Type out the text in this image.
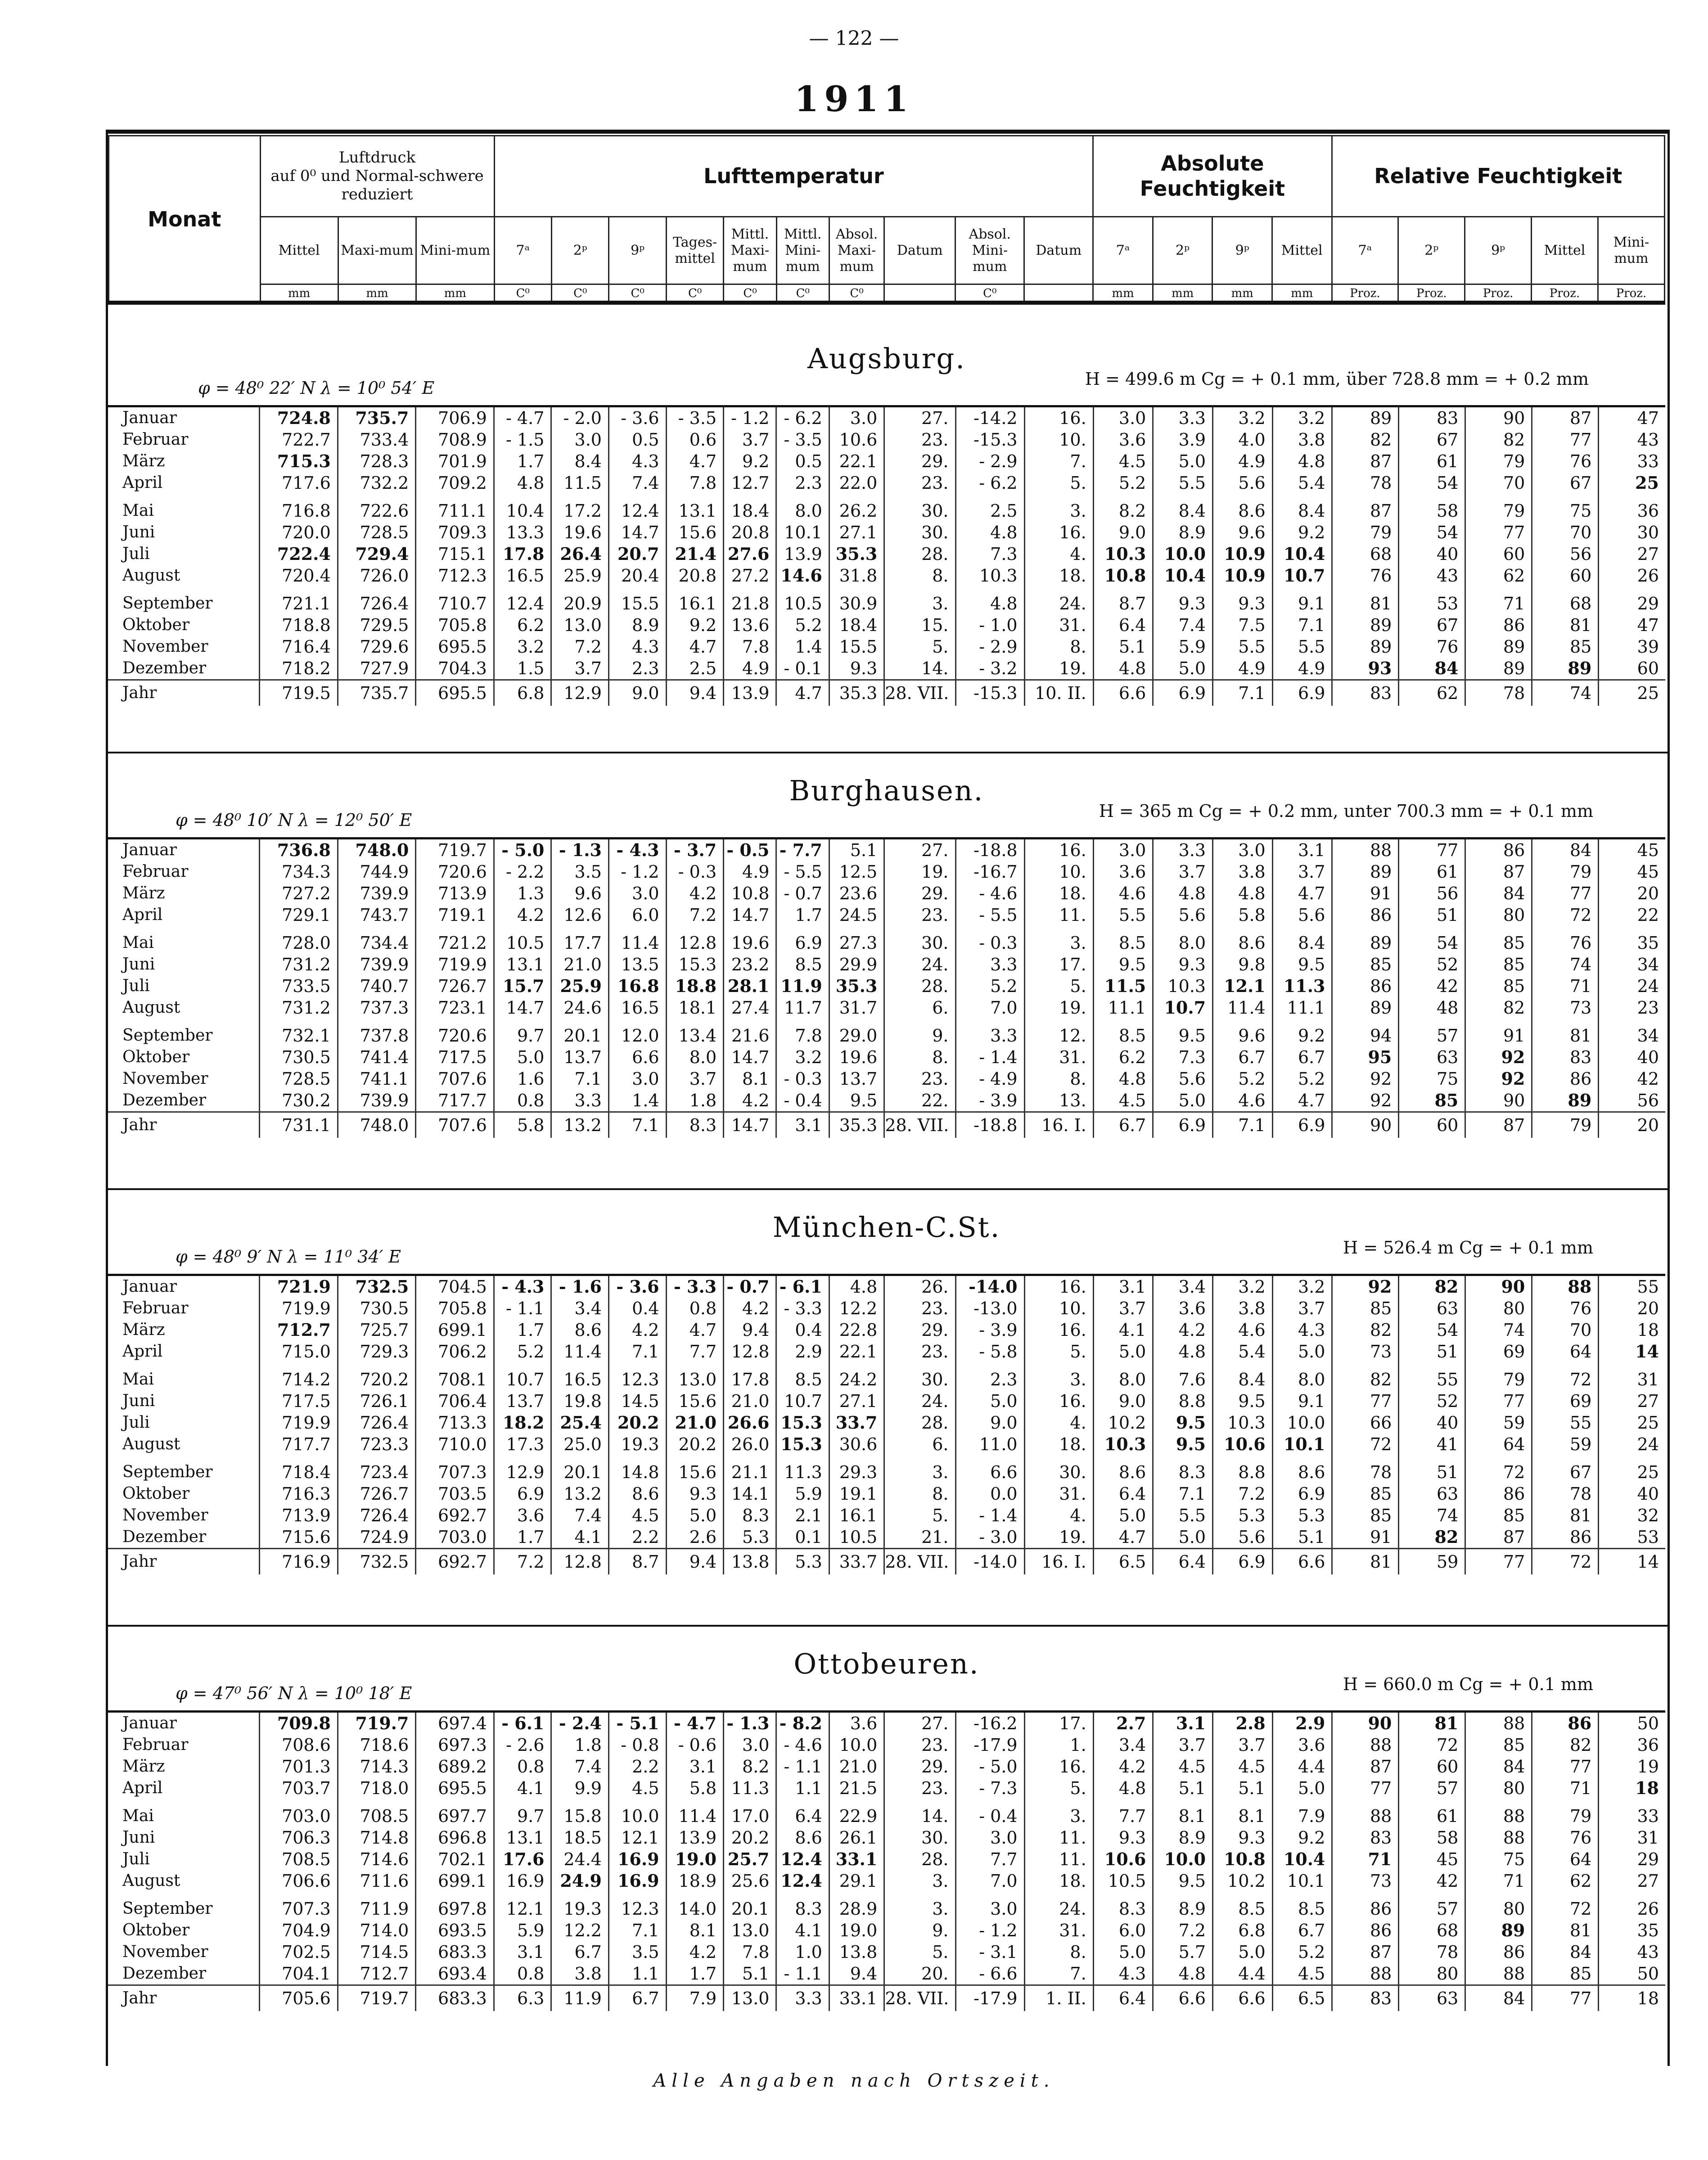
— 122 —
1911
Monat	Luftdruck
auf 0⁰ und Normal-schwere reduziert			Lufttemperatur										Absolute Feuchtigkeit				Relative Feuchtigkeit				
	Mittel	Maxi-mum	Mini-mum	7ᵃ	2ᵖ	9ᵖ	Tages-mittel	Mittl. Maxi-mum	Mittl. Mini-mum	Absol. Maxi-mum	Datum	Absol. Mini-mum	Datum	7ᵃ	2ᵖ	9ᵖ	Mittel	7ᵃ	2ᵖ	9ᵖ	Mittel	Mini-mum
	mm	mm	mm	C⁰	C⁰	C⁰	C⁰	C⁰	C⁰	C⁰		C⁰		mm	mm	mm	mm	Proz.	Proz.	Proz.	Proz.	Proz.
Augsburg.
φ = 48⁰ 22′ N λ = 10⁰ 54′ E	H = 499.6 m Cg = + 0.1 mm, über 728.8 mm = + 0.2 mm
Januar	724.8	735.7	706.9	- 4.7	- 2.0	- 3.6	- 3.5	- 1.2	- 6.2	3.0	27.	-14.2	16.	3.0	3.3	3.2	3.2	89	83	90	87	47
Februar	722.7	733.4	708.9	- 1.5	3.0	0.5	0.6	3.7	- 3.5	10.6	23.	-15.3	10.	3.6	3.9	4.0	3.8	82	67	82	77	43
März	715.3	728.3	701.9	1.7	8.4	4.3	4.7	9.2	0.5	22.1	29.	- 2.9	7.	4.5	5.0	4.9	4.8	87	61	79	76	33
April	717.6	732.2	709.2	4.8	11.5	7.4	7.8	12.7	2.3	22.0	23.	- 6.2	5.	5.2	5.5	5.6	5.4	78	54	70	67	25
Mai	716.8	722.6	711.1	10.4	17.2	12.4	13.1	18.4	8.0	26.2	30.	2.5	3.	8.2	8.4	8.6	8.4	87	58	79	75	36
Juni	720.0	728.5	709.3	13.3	19.6	14.7	15.6	20.8	10.1	27.1	30.	4.8	16.	9.0	8.9	9.6	9.2	79	54	77	70	30
Juli	722.4	729.4	715.1	17.8	26.4	20.7	21.4	27.6	13.9	35.3	28.	7.3	4.	10.3	10.0	10.9	10.4	68	40	60	56	27
August	720.4	726.0	712.3	16.5	25.9	20.4	20.8	27.2	14.6	31.8	8.	10.3	18.	10.8	10.4	10.9	10.7	76	43	62	60	26
September	721.1	726.4	710.7	12.4	20.9	15.5	16.1	21.8	10.5	30.9	3.	4.8	24.	8.7	9.3	9.3	9.1	81	53	71	68	29
Oktober	718.8	729.5	705.8	6.2	13.0	8.9	9.2	13.6	5.2	18.4	15.	- 1.0	31.	6.4	7.4	7.5	7.1	89	67	86	81	47
November	716.4	729.6	695.5	3.2	7.2	4.3	4.7	7.8	1.4	15.5	5.	- 2.9	8.	5.1	5.9	5.5	5.5	89	76	89	85	39
Dezember	718.2	727.9	704.3	1.5	3.7	2.3	2.5	4.9	- 0.1	9.3	14.	- 3.2	19.	4.8	5.0	4.9	4.9	93	84	89	89	60
Jahr	719.5	735.7	695.5	6.8	12.9	9.0	9.4	13.9	4.7	35.3	28. VII.	-15.3	10. II.	6.6	6.9	7.1	6.9	83	62	78	74	25
Burghausen.
φ = 48⁰ 10′ N λ = 12⁰ 50′ E	H = 365 m Cg = + 0.2 mm, unter 700.3 mm = + 0.1 mm
Januar	736.8	748.0	719.7	- 5.0	- 1.3	- 4.3	- 3.7	- 0.5	- 7.7	5.1	27.	-18.8	16.	3.0	3.3	3.0	3.1	88	77	86	84	45
Februar	734.3	744.9	720.6	- 2.2	3.5	- 1.2	- 0.3	4.9	- 5.5	12.5	19.	-16.7	10.	3.6	3.7	3.8	3.7	89	61	87	79	45
März	727.2	739.9	713.9	1.3	9.6	3.0	4.2	10.8	- 0.7	23.6	29.	- 4.6	18.	4.6	4.8	4.8	4.7	91	56	84	77	20
April	729.1	743.7	719.1	4.2	12.6	6.0	7.2	14.7	1.7	24.5	23.	- 5.5	11.	5.5	5.6	5.8	5.6	86	51	80	72	22
Mai	728.0	734.4	721.2	10.5	17.7	11.4	12.8	19.6	6.9	27.3	30.	- 0.3	3.	8.5	8.0	8.6	8.4	89	54	85	76	35
Juni	731.2	739.9	719.9	13.1	21.0	13.5	15.3	23.2	8.5	29.9	24.	3.3	17.	9.5	9.3	9.8	9.5	85	52	85	74	34
Juli	733.5	740.7	726.7	15.7	25.9	16.8	18.8	28.1	11.9	35.3	28.	5.2	5.	11.5	10.3	12.1	11.3	86	42	85	71	24
August	731.2	737.3	723.1	14.7	24.6	16.5	18.1	27.4	11.7	31.7	6.	7.0	19.	11.1	10.7	11.4	11.1	89	48	82	73	23
September	732.1	737.8	720.6	9.7	20.1	12.0	13.4	21.6	7.8	29.0	9.	3.3	12.	8.5	9.5	9.6	9.2	94	57	91	81	34
Oktober	730.5	741.4	717.5	5.0	13.7	6.6	8.0	14.7	3.2	19.6	8.	- 1.4	31.	6.2	7.3	6.7	6.7	95	63	92	83	40
November	728.5	741.1	707.6	1.6	7.1	3.0	3.7	8.1	- 0.3	13.7	23.	- 4.9	8.	4.8	5.6	5.2	5.2	92	75	92	86	42
Dezember	730.2	739.9	717.7	0.8	3.3	1.4	1.8	4.2	- 0.4	9.5	22.	- 3.9	13.	4.5	5.0	4.6	4.7	92	85	90	89	56
Jahr	731.1	748.0	707.6	5.8	13.2	7.1	8.3	14.7	3.1	35.3	28. VII.	-18.8	16. I.	6.7	6.9	7.1	6.9	90	60	87	79	20
München-C.St.
φ = 48⁰ 9′ N λ = 11⁰ 34′ E	H = 526.4 m Cg = + 0.1 mm
Januar	721.9	732.5	704.5	- 4.3	- 1.6	- 3.6	- 3.3	- 0.7	- 6.1	4.8	26.	-14.0	16.	3.1	3.4	3.2	3.2	92	82	90	88	55
Februar	719.9	730.5	705.8	- 1.1	3.4	0.4	0.8	4.2	- 3.3	12.2	23.	-13.0	10.	3.7	3.6	3.8	3.7	85	63	80	76	20
März	712.7	725.7	699.1	1.7	8.6	4.2	4.7	9.4	0.4	22.8	29.	- 3.9	16.	4.1	4.2	4.6	4.3	82	54	74	70	18
April	715.0	729.3	706.2	5.2	11.4	7.1	7.7	12.8	2.9	22.1	23.	- 5.8	5.	5.0	4.8	5.4	5.0	73	51	69	64	14
Mai	714.2	720.2	708.1	10.7	16.5	12.3	13.0	17.8	8.5	24.2	30.	2.3	3.	8.0	7.6	8.4	8.0	82	55	79	72	31
Juni	717.5	726.1	706.4	13.7	19.8	14.5	15.6	21.0	10.7	27.1	24.	5.0	16.	9.0	8.8	9.5	9.1	77	52	77	69	27
Juli	719.9	726.4	713.3	18.2	25.4	20.2	21.0	26.6	15.3	33.7	28.	9.0	4.	10.2	9.5	10.3	10.0	66	40	59	55	25
August	717.7	723.3	710.0	17.3	25.0	19.3	20.2	26.0	15.3	30.6	6.	11.0	18.	10.3	9.5	10.6	10.1	72	41	64	59	24
September	718.4	723.4	707.3	12.9	20.1	14.8	15.6	21.1	11.3	29.3	3.	6.6	30.	8.6	8.3	8.8	8.6	78	51	72	67	25
Oktober	716.3	726.7	703.5	6.9	13.2	8.6	9.3	14.1	5.9	19.1	8.	0.0	31.	6.4	7.1	7.2	6.9	85	63	86	78	40
November	713.9	726.4	692.7	3.6	7.4	4.5	5.0	8.3	2.1	16.1	5.	- 1.4	4.	5.0	5.5	5.3	5.3	85	74	85	81	32
Dezember	715.6	724.9	703.0	1.7	4.1	2.2	2.6	5.3	0.1	10.5	21.	- 3.0	19.	4.7	5.0	5.6	5.1	91	82	87	86	53
Jahr	716.9	732.5	692.7	7.2	12.8	8.7	9.4	13.8	5.3	33.7	28. VII.	-14.0	16. I.	6.5	6.4	6.9	6.6	81	59	77	72	14
Ottobeuren.
φ = 47⁰ 56′ N λ = 10⁰ 18′ E	H = 660.0 m Cg = + 0.1 mm
Januar	709.8	719.7	697.4	- 6.1	- 2.4	- 5.1	- 4.7	- 1.3	- 8.2	3.6	27.	-16.2	17.	2.7	3.1	2.8	2.9	90	81	88	86	50
Februar	708.6	718.6	697.3	- 2.6	1.8	- 0.8	- 0.6	3.0	- 4.6	10.0	23.	-17.9	1.	3.4	3.7	3.7	3.6	88	72	85	82	36
März	701.3	714.3	689.2	0.8	7.4	2.2	3.1	8.2	- 1.1	21.0	29.	- 5.0	16.	4.2	4.5	4.5	4.4	87	60	84	77	19
April	703.7	718.0	695.5	4.1	9.9	4.5	5.8	11.3	1.1	21.5	23.	- 7.3	5.	4.8	5.1	5.1	5.0	77	57	80	71	18
Mai	703.0	708.5	697.7	9.7	15.8	10.0	11.4	17.0	6.4	22.9	14.	- 0.4	3.	7.7	8.1	8.1	7.9	88	61	88	79	33
Juni	706.3	714.8	696.8	13.1	18.5	12.1	13.9	20.2	8.6	26.1	30.	3.0	11.	9.3	8.9	9.3	9.2	83	58	88	76	31
Juli	708.5	714.6	702.1	17.6	24.4	16.9	19.0	25.7	12.4	33.1	28.	7.7	11.	10.6	10.0	10.8	10.4	71	45	75	64	29
August	706.6	711.6	699.1	16.9	24.9	16.9	18.9	25.6	12.4	29.1	3.	7.0	18.	10.5	9.5	10.2	10.1	73	42	71	62	27
September	707.3	711.9	697.8	12.1	19.3	12.3	14.0	20.1	8.3	28.9	3.	3.0	24.	8.3	8.9	8.5	8.5	86	57	80	72	26
Oktober	704.9	714.0	693.5	5.9	12.2	7.1	8.1	13.0	4.1	19.0	9.	- 1.2	31.	6.0	7.2	6.8	6.7	86	68	89	81	35
November	702.5	714.5	683.3	3.1	6.7	3.5	4.2	7.8	1.0	13.8	5.	- 3.1	8.	5.0	5.7	5.0	5.2	87	78	86	84	43
Dezember	704.1	712.7	693.4	0.8	3.8	1.1	1.7	5.1	- 1.1	9.4	20.	- 6.6	7.	4.3	4.8	4.4	4.5	88	80	88	85	50
Jahr	705.6	719.7	683.3	6.3	11.9	6.7	7.9	13.0	3.3	33.1	28. VII.	-17.9	1. II.	6.4	6.6	6.6	6.5	83	63	84	77	18
Alle Angaben nach Ortszeit.
